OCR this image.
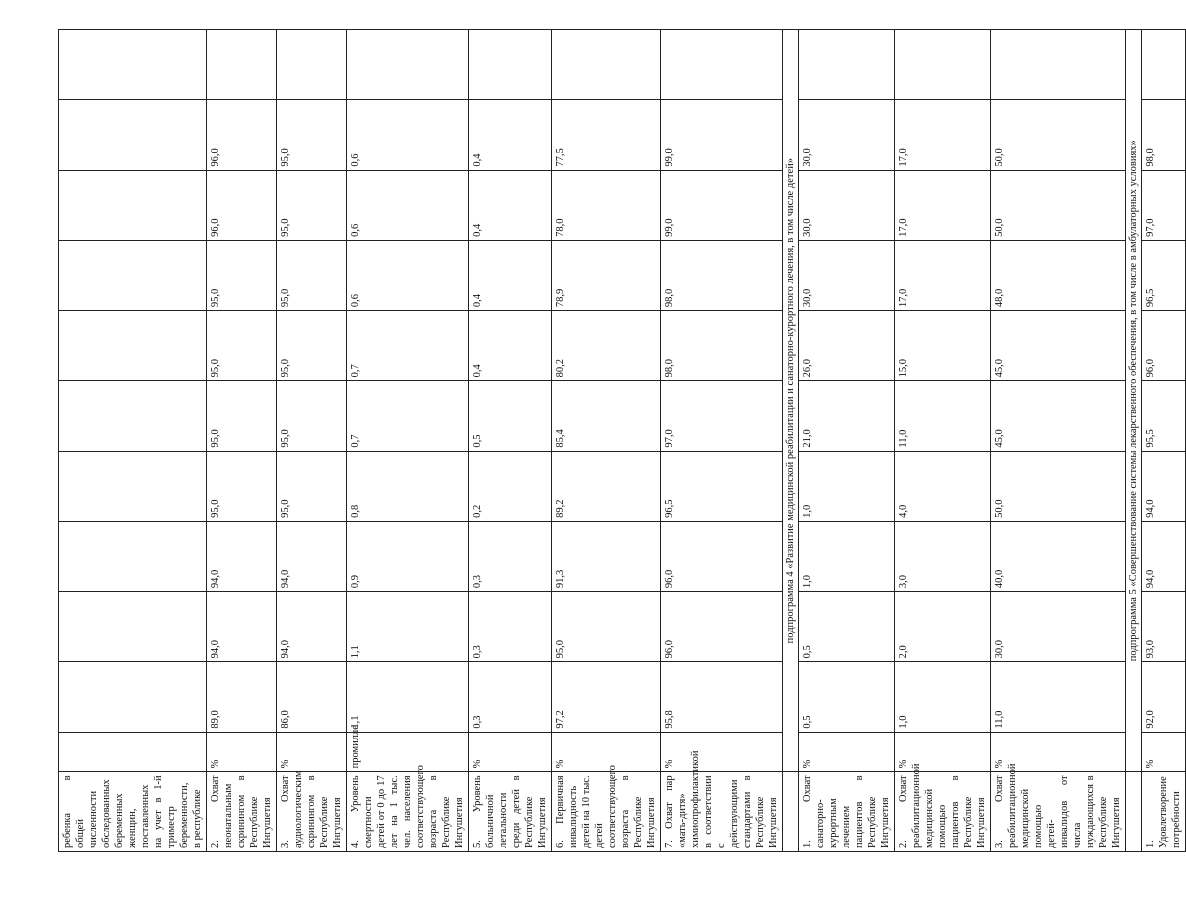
ребенка в общей численности обследованных беременных женщин, поставленных на учет в 1-й триместр беременности, в республике											
2. Охват неонатальным скринингом в Республике Ингушетия	%	89,0	94,0	94,0	95,0	95,0	95,0	95,0	96,0	96,0	
3. Охват аудиологическим скринингом в Республике Ингушетия	%	86,0	94,0	94,0	95,0	95,0	95,0	95,0	95,0	95,0	
4. Уровень смертности детей от 0 до 17 лет на 1 тыс. чел. населения соответствующего возраста в Республике Ингушетия	промилле	1,1	1,1	0,9	0,8	0,7	0,7	0,6	0,6	0,6	
5. Уровень больничной летальности среди детей в Республике Ингушетия	%	0,3	0,3	0,3	0,2	0,5	0,4	0,4	0,4	0,4	
6. Первичная инвалидность детей на 10 тыс. детей соответствующего возраста в Республике Ингушетия	%	97,2	95,0	91,3	89,2	85,4	80,2	78,9	78,0	77,5	
7. Охват пар «мать-дитя» химиопрофилактикой в соответствии с действующими стандартами в Республике Ингушетия	%	95,8	96,0	96,0	96,5	97,0	98,0	98,0	99,0	99,0	
	подпрограмма 4 «Развитие медицинской реабилитации и санаторно-курортного лечения, в том числе детей»										
1. Охват санаторно-курортным лечением пациентов в Республике Ингушетия	%	0,5	0,5	1,0	1,0	21,0	26,0	30,0	30,0	30,0	
2. Охват реабилитационной медицинской помощью пациентов в Республике Ингушетия	%	1,0	2,0	3,0	4,0	11,0	15,0	17,0	17,0	17,0	
3. Охват реабилитационной медицинской помощью детей-инвалидов от числа нуждающихся в Республике Ингушетия	%	11,0	30,0	40,0	50,0	45,0	45,0	48,0	50,0	50,0	
	подпрограмма 5 «Совершенствование системы лекарственного обеспечения, в том числе в амбулаторных условиях»										
1. Удовлетворение потребности	%	92,0	93,0	94,0	94,0	95,5	96,0	96,5	97,0	98,0	
